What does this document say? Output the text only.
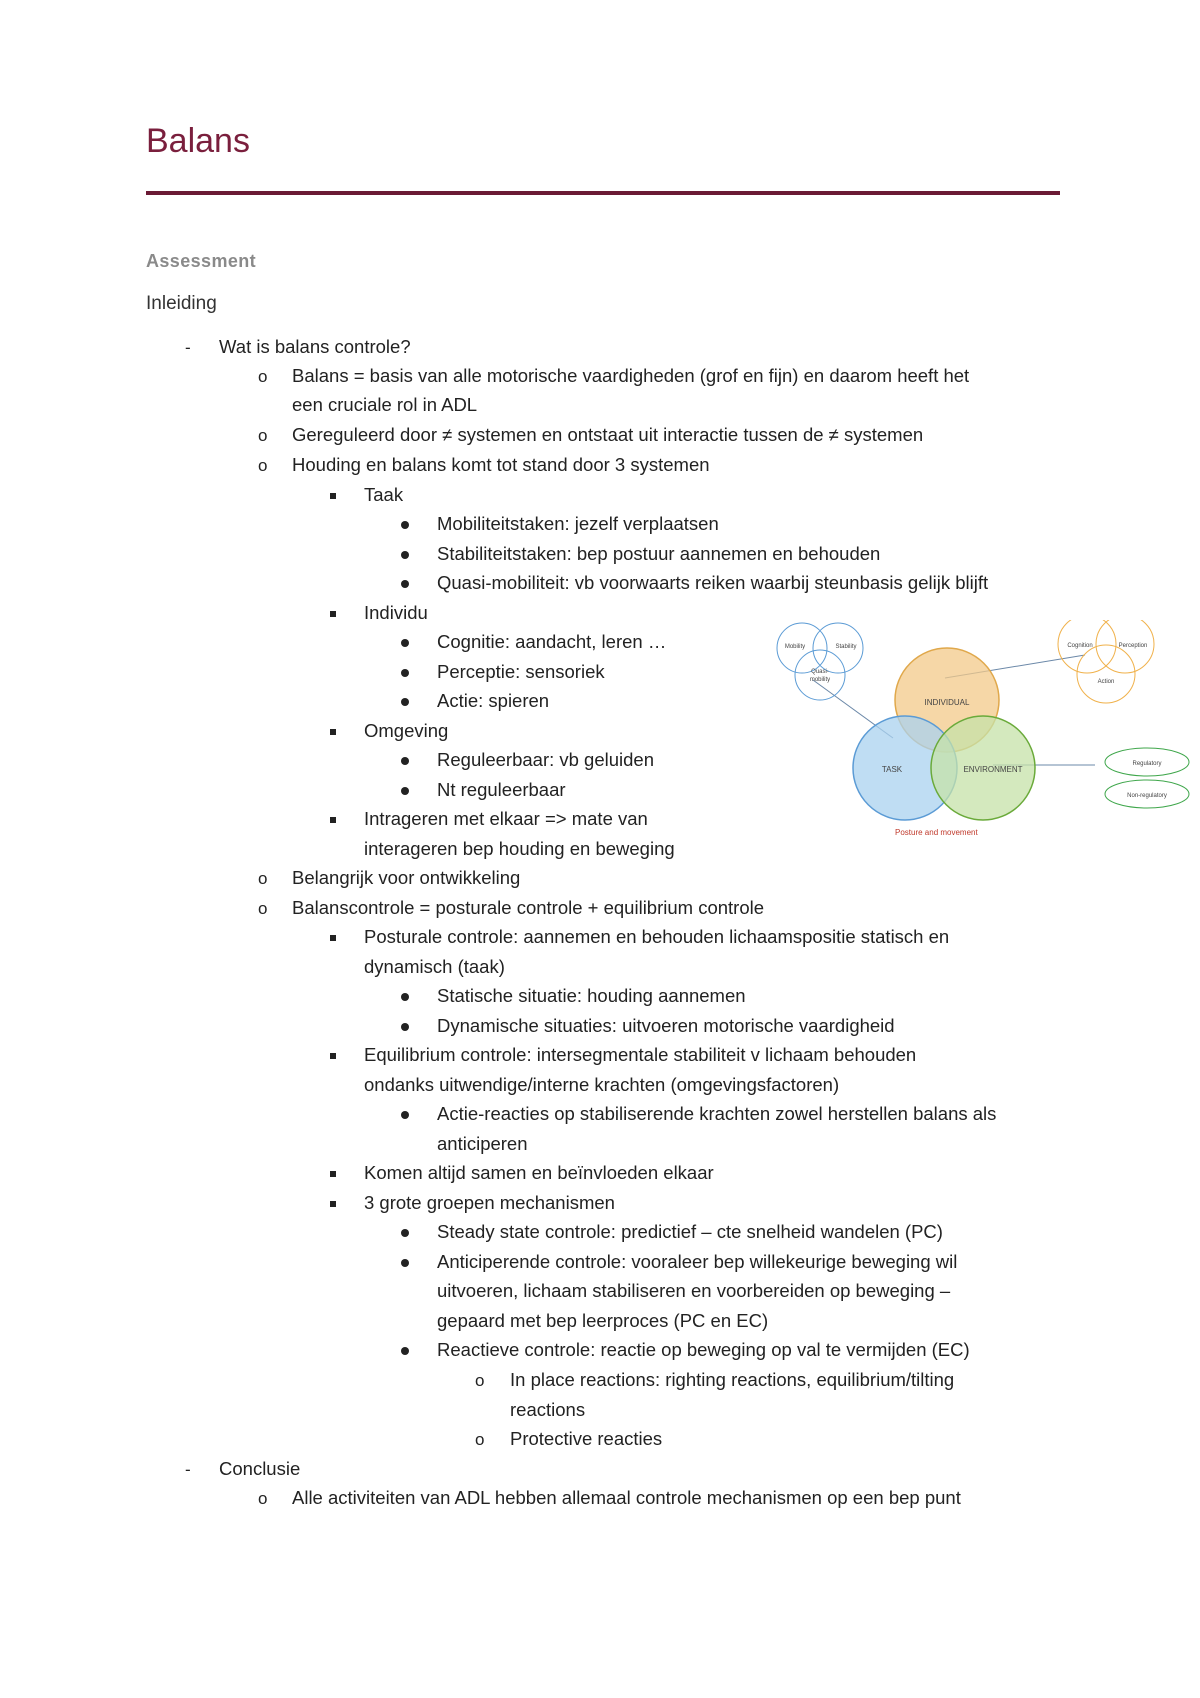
Balans
Assessment
Inleiding
- Wat is balans controle?
o Balans = basis van alle motorische vaardigheden (grof en fijn) en daarom heeft het
een cruciale rol in ADL
o Gereguleerd door ≠ systemen en ontstaat uit interactie tussen de ≠ systemen
o Houding en balans komt tot stand door 3 systemen
Taak
Mobiliteitstaken: jezelf verplaatsen
Stabiliteitstaken: bep postuur aannemen en behouden
Quasi-mobiliteit: vb voorwaarts reiken waarbij steunbasis gelijk blijft
Individu
Cognitie: aandacht, leren …
Perceptie: sensoriek
Actie: spieren
Omgeving
Reguleerbaar: vb geluiden
Nt reguleerbaar
Intrageren met elkaar => mate van
interageren bep houding en beweging
o Belangrijk voor ontwikkeling
o Balanscontrole = posturale controle + equilibrium controle
Posturale controle: aannemen en behouden lichaamspositie statisch en
dynamisch (taak)
Statische situatie: houding aannemen
Dynamische situaties: uitvoeren motorische vaardigheid
Equilibrium controle: intersegmentale stabiliteit v lichaam behouden
ondanks uitwendige/interne krachten (omgevingsfactoren)
Actie-reacties op stabiliserende krachten zowel herstellen balans als
anticiperen
Komen altijd samen en beïnvloeden elkaar
3 grote groepen mechanismen
Steady state controle: predictief – cte snelheid wandelen (PC)
Anticiperende controle: vooraleer bep willekeurige beweging wil
uitvoeren, lichaam stabiliseren en voorbereiden op beweging –
gepaard met bep leerproces (PC en EC)
Reactieve controle: reactie op beweging op val te vermijden (EC)
o In place reactions: righting reactions, equilibrium/tilting
reactions
o Protective reacties
- Conclusie
o Alle activiteiten van ADL hebben allemaal controle mechanismen op een bep punt
INDIVIDUAL
TASK	ENVIRONMENT
Posture and movement
Mobility	Stability
Quasi-
mobility
Cognition	Perception
Action
Regulatory
Non-regulatory
